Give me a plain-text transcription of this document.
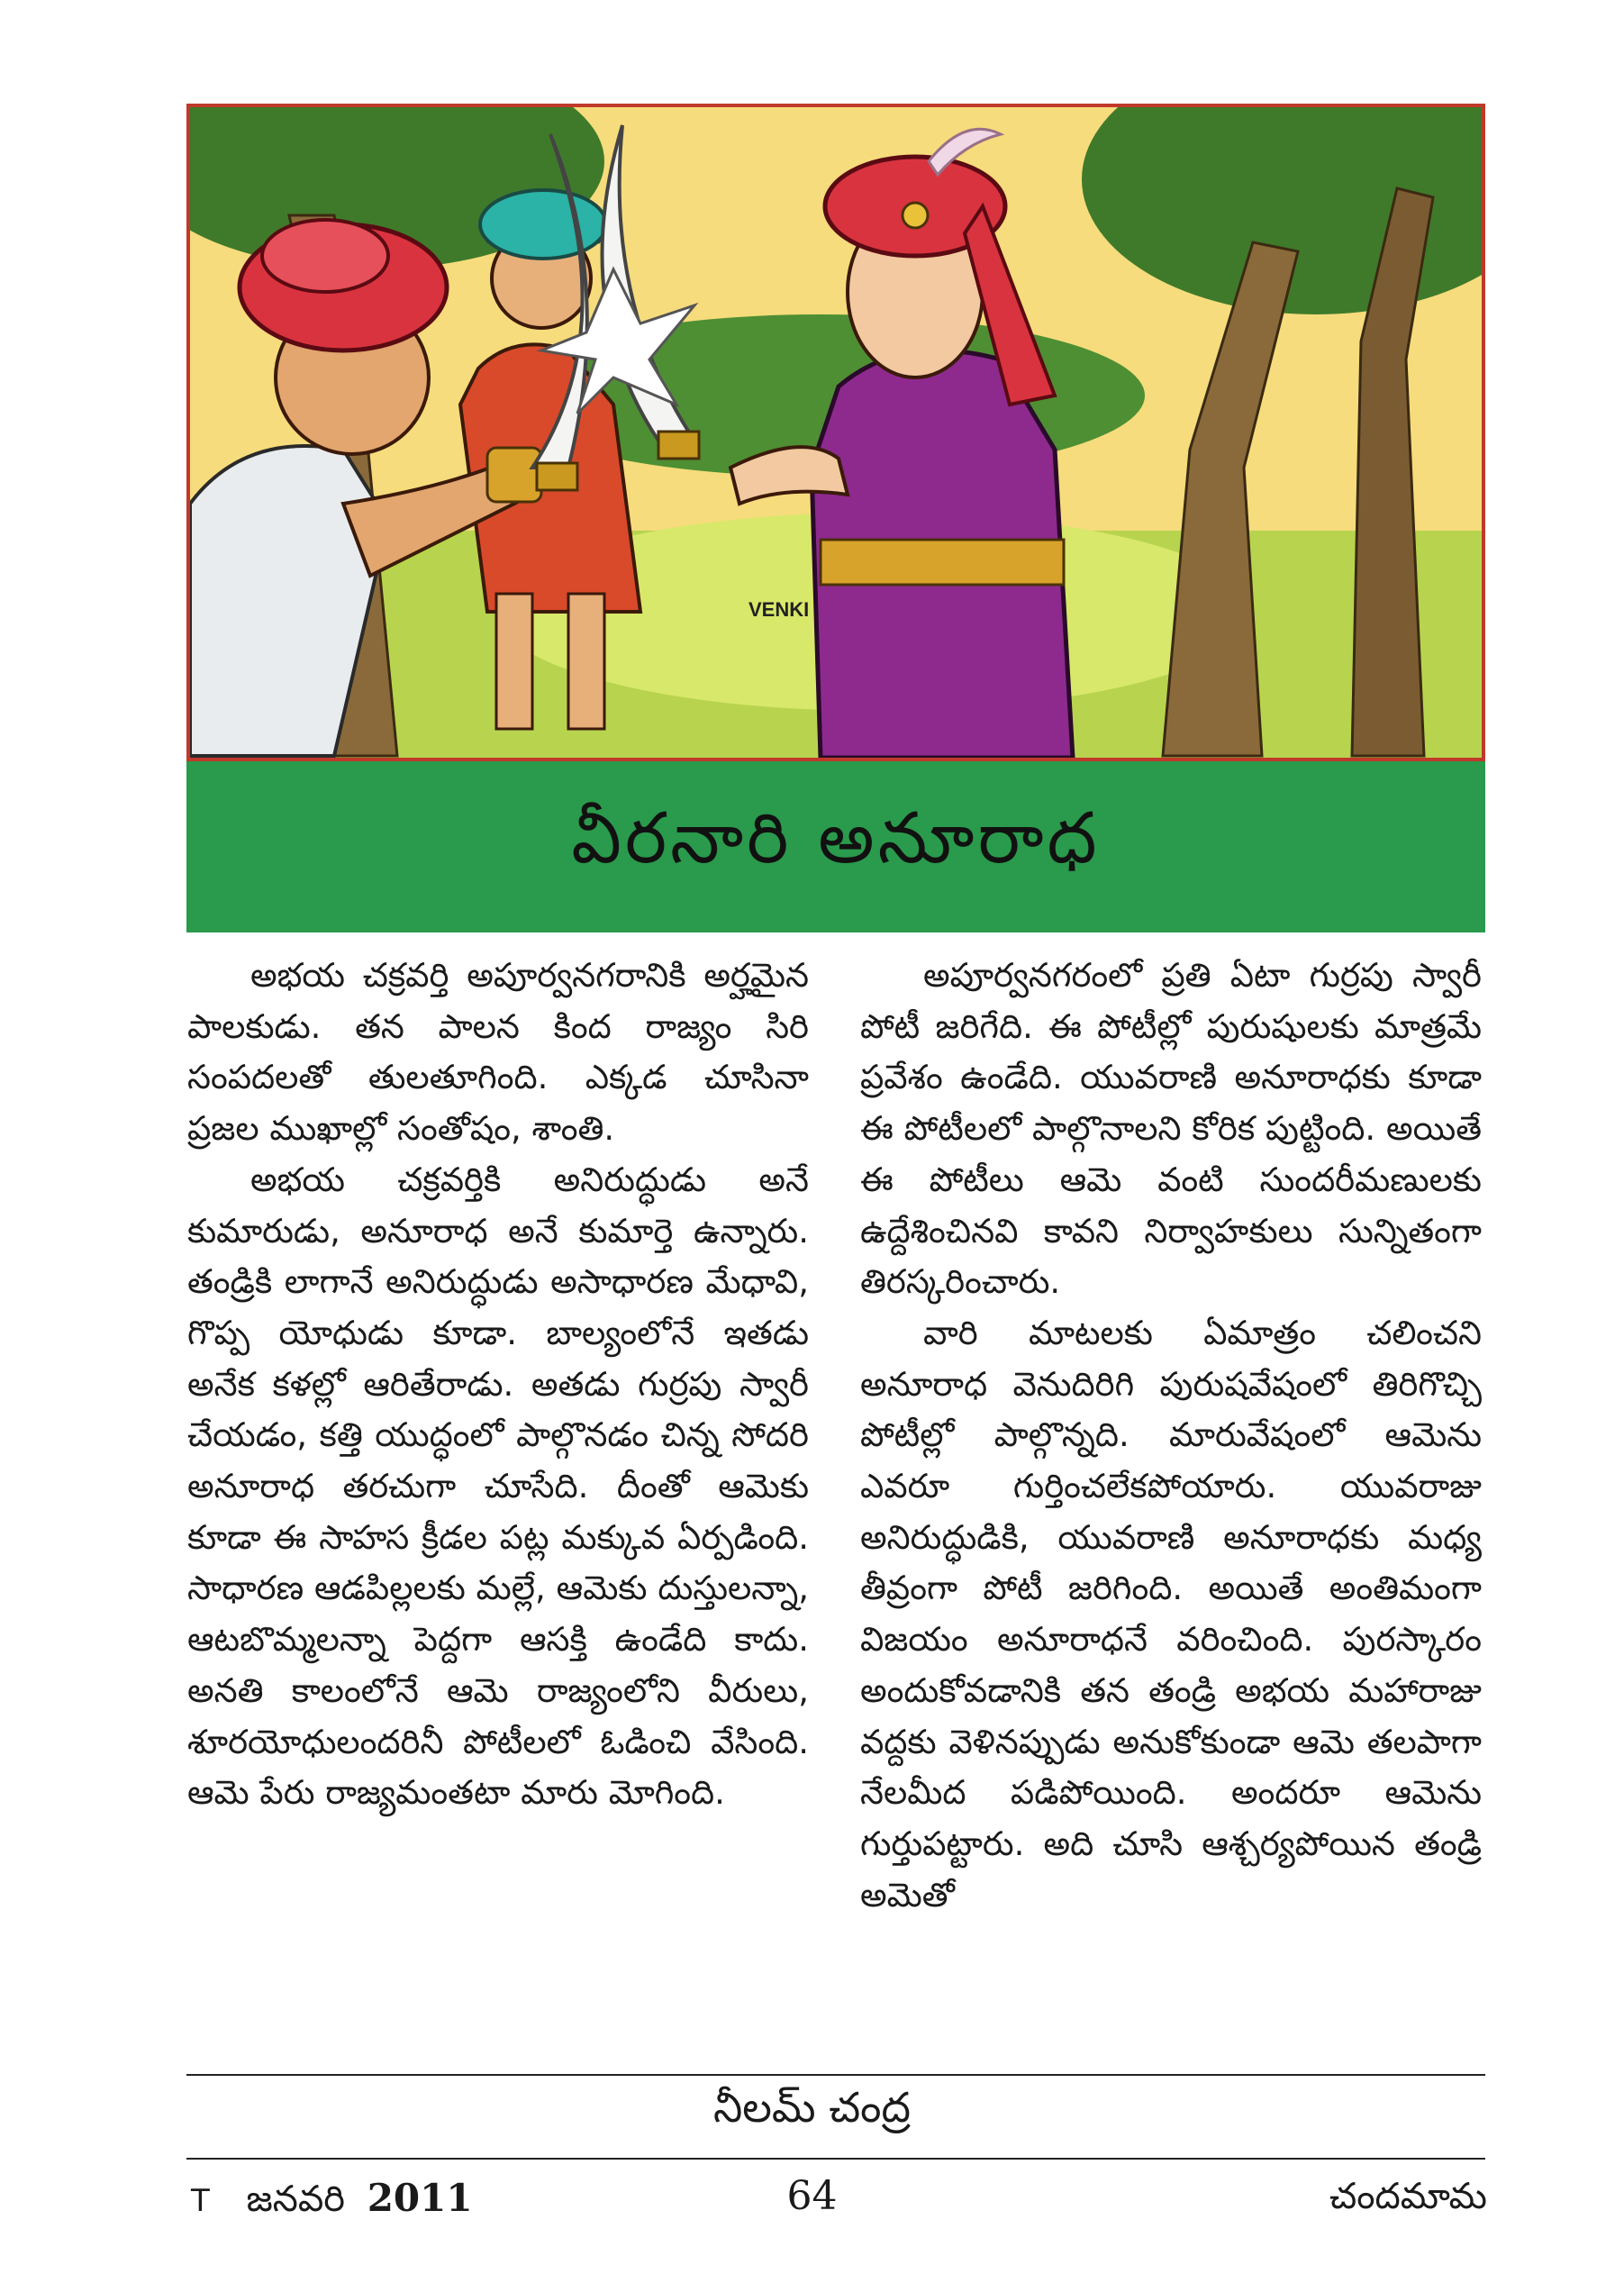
VENKI
వీరనారి అనూరాధ

అభయ చక్రవర్తి అపూర్వనగరానికి అర్హమైన పాలకుడు. తన పాలన కింద రాజ్యం సిరి సంపదలతో తులతూగింది. ఎక్కడ చూసినా ప్రజల ముఖాల్లో సంతోషం, శాంతి.

అభయ చక్రవర్తికి అనిరుద్ధుడు అనే కుమారుడు, అనూరాధ అనే కుమార్తె ఉన్నారు. తండ్రికి లాగానే అనిరుద్ధుడు అసాధారణ మేధావి, గొప్ప యోధుడు కూడా. బాల్యంలోనే ఇతడు అనేక కళల్లో ఆరితేరాడు. అతడు గుర్రపు స్వారీ చేయడం, కత్తి యుద్ధంలో పాల్గొనడం చిన్న సోదరి అనూరాధ తరచుగా చూసేది. దీంతో ఆమెకు కూడా ఈ సాహస క్రీడల పట్ల మక్కువ ఏర్పడింది. సాధారణ ఆడపిల్లలకు మల్లే, ఆమెకు దుస్తులన్నా, ఆటబొమ్మలన్నా పెద్దగా ఆసక్తి ఉండేది కాదు. అనతి కాలంలోనే ఆమె రాజ్యంలోని వీరులు, శూరయోధులందరినీ పోటీలలో ఓడించి వేసింది. ఆమె పేరు రాజ్యమంతటా మారు మోగింది.

అపూర్వనగరంలో ప్రతి ఏటా గుర్రపు స్వారీ పోటీ జరిగేది. ఈ పోటీల్లో పురుషులకు మాత్రమే ప్రవేశం ఉండేది. యువరాణి అనూరాధకు కూడా ఈ పోటీలలో పాల్గొనాలని కోరిక పుట్టింది. అయితే ఈ పోటీలు ఆమె వంటి సుందరీమణులకు ఉద్దేశించినవి కావని నిర్వాహకులు సున్నితంగా తిరస్కరించారు.

వారి మాటలకు ఏమాత్రం చలించని అనూరాధ వెనుదిరిగి పురుషవేషంలో తిరిగొచ్చి పోటీల్లో పాల్గొన్నది. మారువేషంలో ఆమెను ఎవరూ గుర్తించలేకపోయారు. యువరాజు అనిరుద్ధుడికి, యువరాణి అనూరాధకు మధ్య తీవ్రంగా పోటీ జరిగింది. అయితే అంతిమంగా విజయం అనూరాధనే వరించింది. పురస్కారం అందుకోవడానికి తన తండ్రి అభయ మహారాజు వద్దకు వెళినప్పుడు అనుకోకుండా ఆమె తలపాగా నేలమీద పడిపోయింది. అందరూ ఆమెను గుర్తుపట్టారు. అది చూసి ఆశ్చర్యపోయిన తండ్రి అమెతో

నీలమ్ చంద్ర
T జనవరి 2011	64	చందమామ
